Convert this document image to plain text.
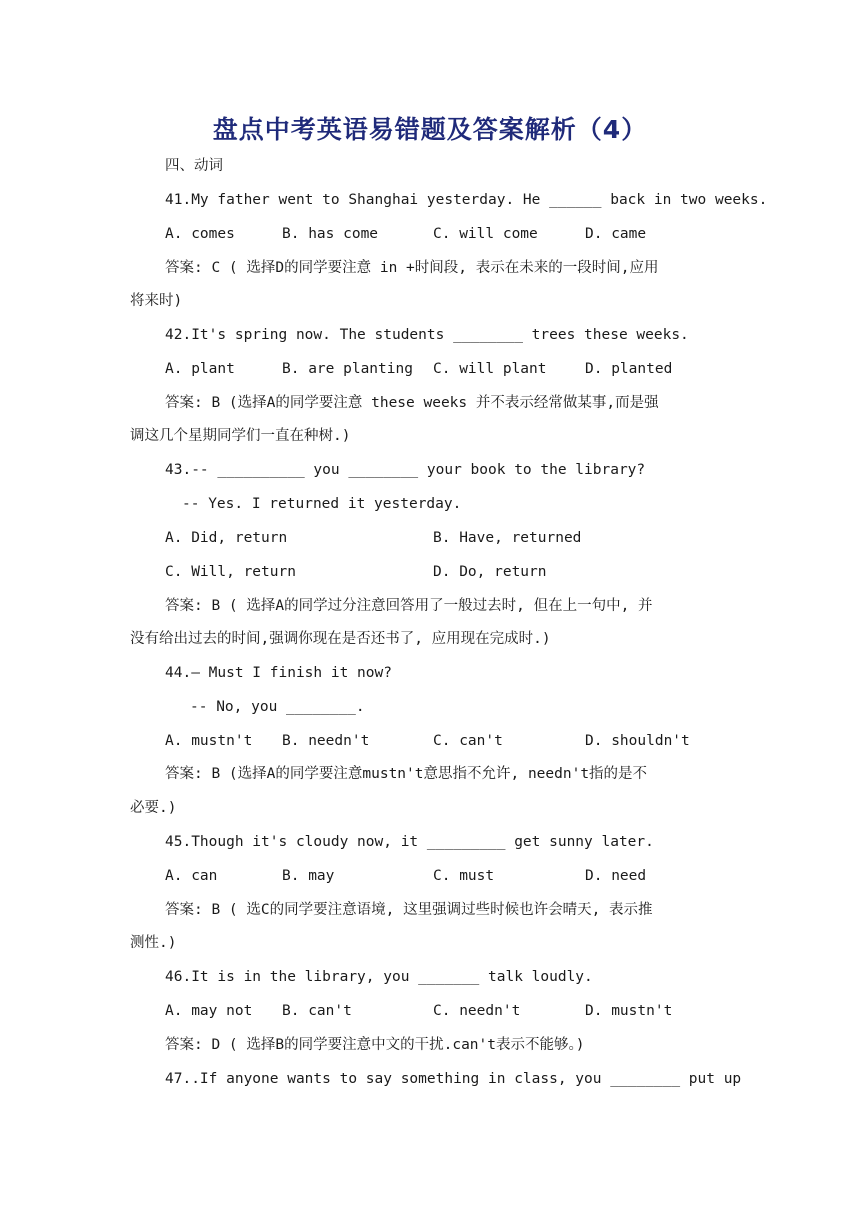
盘点中考英语易错题及答案解析（4）
四、动词
41.My father went to Shanghai yesterday. He ______ back in two weeks.
A. comes	B. has come	C. will come	D. came
答案: C ( 选择D的同学要注意 in +时间段, 表示在未来的一段时间,应用
将来时)
42.It's spring now. The students ________ trees these weeks.
A. plant	B. are planting C. will plant	D. planted
答案: B (选择A的同学要注意 these weeks 并不表示经常做某事,而是强
调这几个星期同学们一直在种树.)
43.-- __________ you ________ your book to the library?
-- Yes. I returned it yesterday.
A. Did, return	B. Have, returned
C. Will, return	D. Do, return
答案: B ( 选择A的同学过分注意回答用了一般过去时, 但在上一句中, 并
没有给出过去的时间,强调你现在是否还书了, 应用现在完成时.)
44.– Must I finish it now?
-- No, you ________.
A. mustn't B. needn't	C. can't	D. shouldn't
答案: B (选择A的同学要注意mustn't意思指不允许, needn't指的是不
必要.)
45.Though it's cloudy now, it _________ get sunny later.
A. can	B. may	C. must	D. need
答案: B ( 选C的同学要注意语境, 这里强调过些时候也许会晴天, 表示推
测性.)
46.It is in the library, you _______ talk loudly.
A. may not B. can't	C. needn't	D. mustn't
答案: D ( 选择B的同学要注意中文的干扰.can't表示不能够。)
47..If anyone wants to say something in class, you ________ put up
